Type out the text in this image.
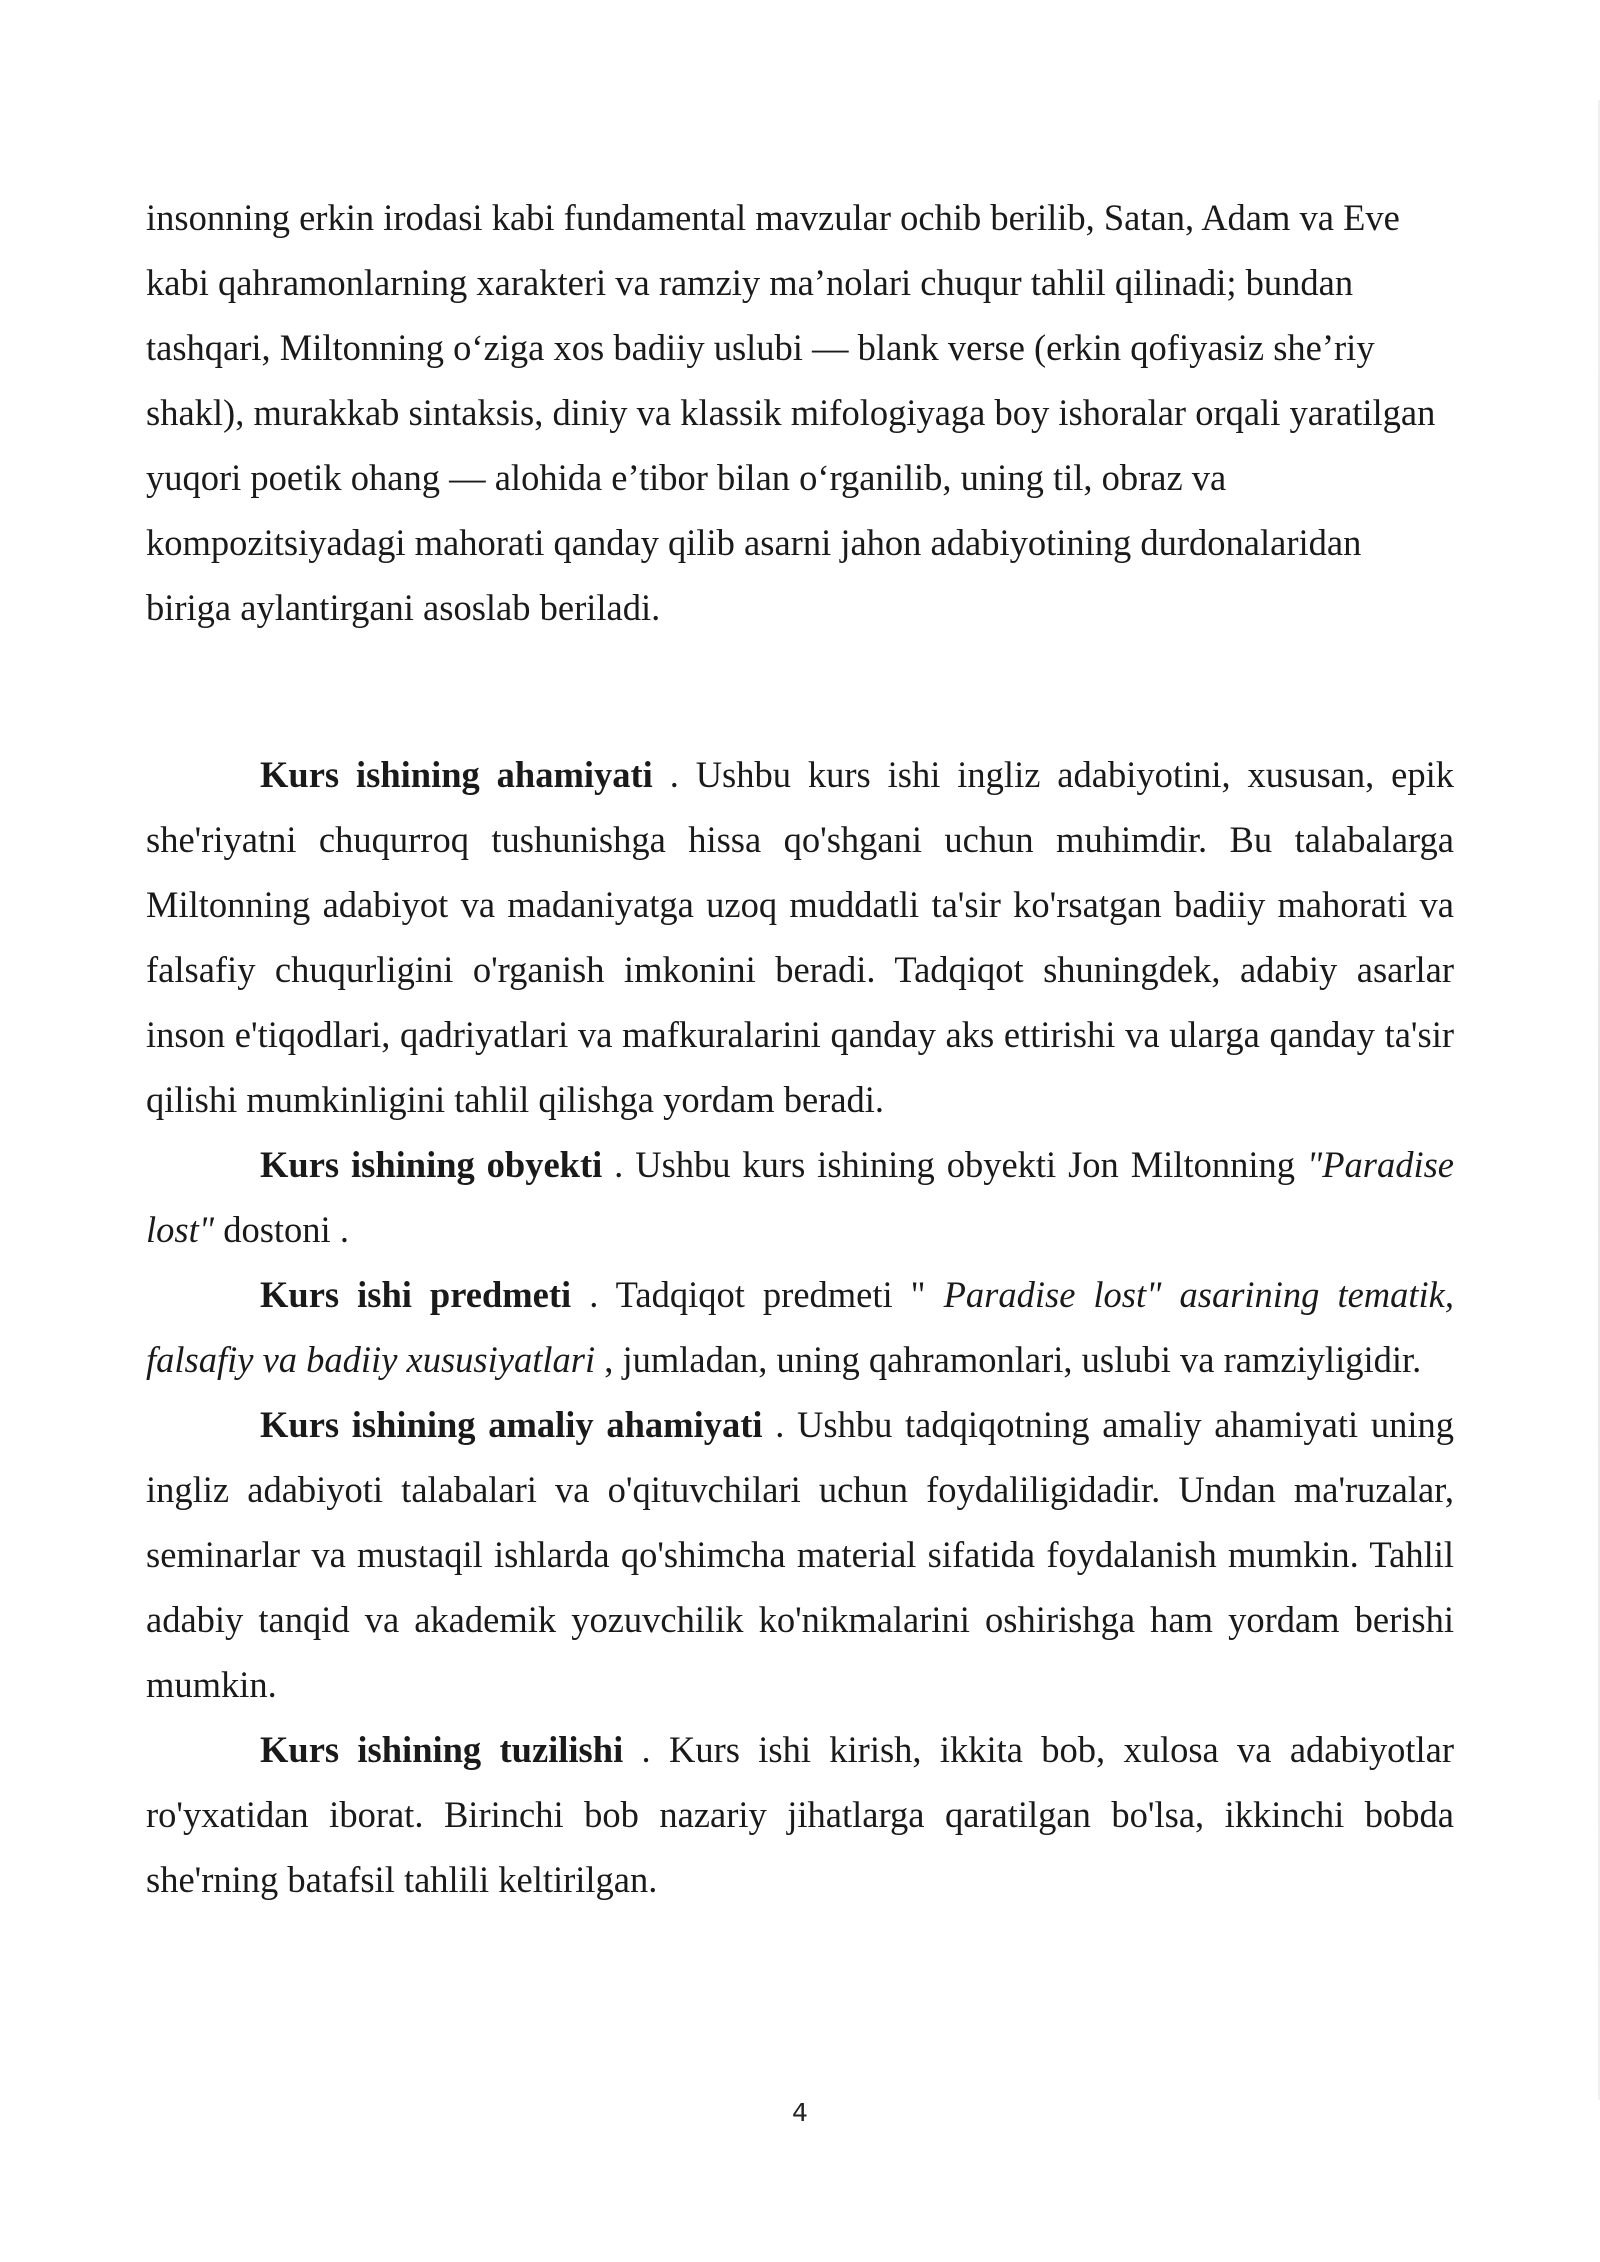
insonning erkin irodasi kabi fundamental mavzular ochib berilib, Satan, Adam va Eve kabi qahramonlarning xarakteri va ramziy ma’nolari chuqur tahlil qilinadi; bundan tashqari, Miltonning o‘ziga xos badiiy uslubi — blank verse (erkin qofiyasiz she’riy shakl), murakkab sintaksis, diniy va klassik mifologiyaga boy ishoralar orqali yaratilgan yuqori poetik ohang — alohida e’tibor bilan o‘rganilib, uning til, obraz va kompozitsiyadagi mahorati qanday qilib asarni jahon adabiyotining durdonalaridan biriga aylantirgani asoslab beriladi.

Kurs ishining ahamiyati . Ushbu kurs ishi ingliz adabiyotini, xususan, epik she'riyatni chuqurroq tushunishga hissa qo'shgani uchun muhimdir. Bu talabalarga Miltonning adabiyot va madaniyatga uzoq muddatli ta'sir ko'rsatgan badiiy mahorati va falsafiy chuqurligini o'rganish imkonini beradi. Tadqiqot shuningdek, adabiy asarlar inson e'tiqodlari, qadriyatlari va mafkuralarini qanday aks ettirishi va ularga qanday ta'sir qilishi mumkinligini tahlil qilishga yordam beradi.

Kurs ishining obyekti . Ushbu kurs ishining obyekti Jon Miltonning "Paradise lost" dostoni .

Kurs ishi predmeti . Tadqiqot predmeti " Paradise lost" asarining tematik, falsafiy va badiiy xususiyatlari , jumladan, uning qahramonlari, uslubi va ramziyligidir.

Kurs ishining amaliy ahamiyati . Ushbu tadqiqotning amaliy ahamiyati uning ingliz adabiyoti talabalari va o'qituvchilari uchun foydaliligidadir. Undan ma'ruzalar, seminarlar va mustaqil ishlarda qo'shimcha material sifatida foydalanish mumkin. Tahlil adabiy tanqid va akademik yozuvchilik ko'nikmalarini oshirishga ham yordam berishi mumkin.

Kurs ishining tuzilishi . Kurs ishi kirish, ikkita bob, xulosa va adabiyotlar ro'yxatidan iborat. Birinchi bob nazariy jihatlarga qaratilgan bo'lsa, ikkinchi bobda she'rning batafsil tahlili keltirilgan.

4
